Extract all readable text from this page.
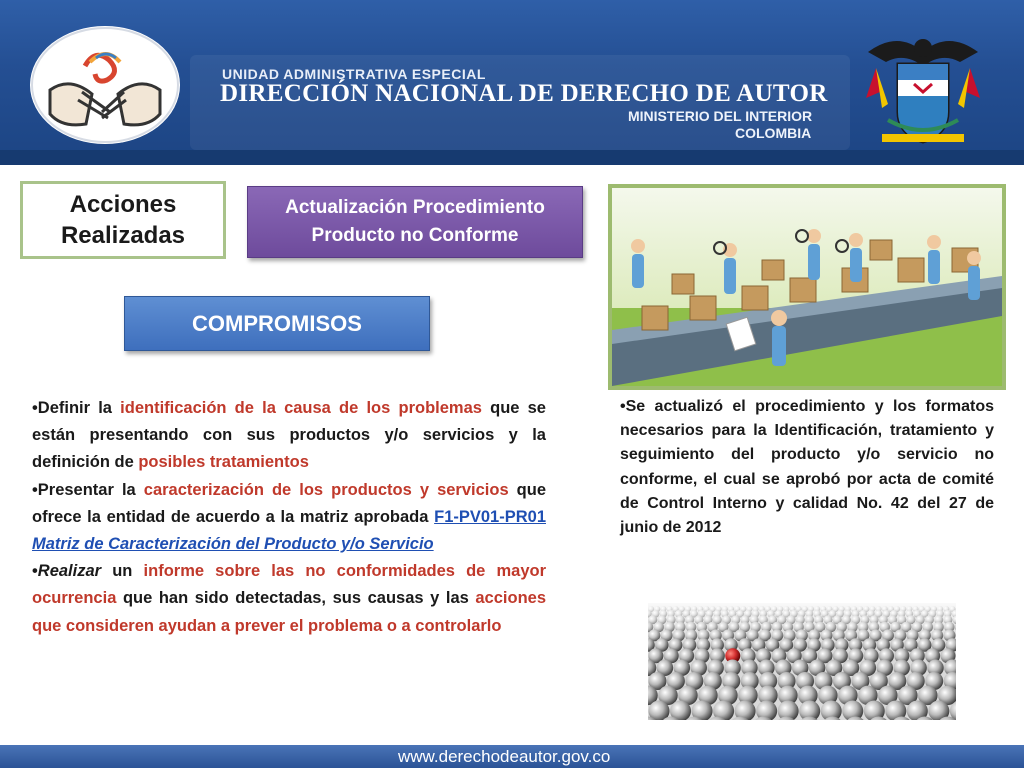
UNIDAD ADMINISTRATIVA ESPECIAL
DIRECCIÓN NACIONAL DE DERECHO DE AUTOR
MINISTERIO DEL INTERIOR
COLOMBIA
Acciones
Realizadas
Actualización Procedimiento
Producto no Conforme
COMPROMISOS

•Definir la identificación de la causa de los problemas que se están presentando con sus productos y/o servicios y la definición de posibles tratamientos

•Presentar la caracterización de los productos y servicios que ofrece la entidad de acuerdo a la matriz aprobada F1-PV01-PR01 Matriz de Caracterización del Producto y/o Servicio

•Realizar un informe sobre las no conformidades de mayor ocurrencia que han sido detectadas, sus causas y las acciones que consideren ayudan a prever el problema o a controlarlo

•Se actualizó el procedimiento y los formatos necesarios para la Identificación, tratamiento y seguimiento del producto y/o servicio no conforme, el cual se aprobó por acta de comité de Control Interno y calidad No. 42 del 27 de junio de 2012

www.derechodeautor.gov.co
